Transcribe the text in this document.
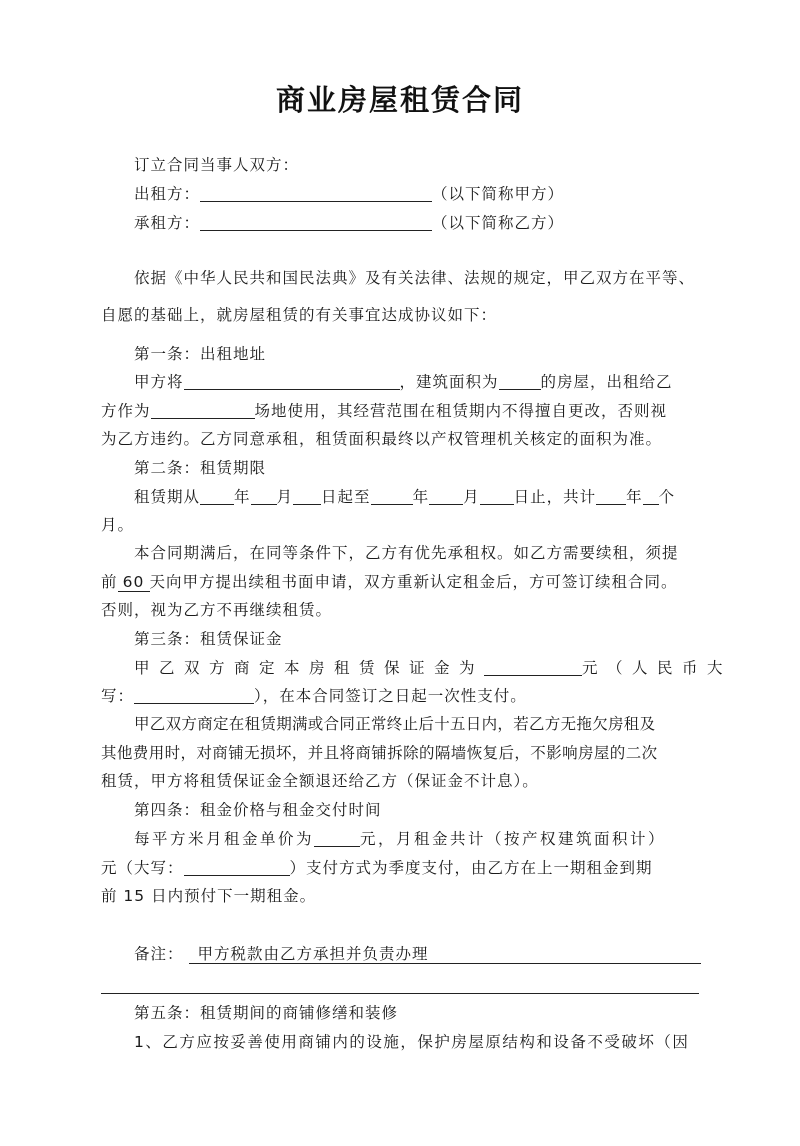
商业房屋租赁合同
订立合同当事人双方：
出租方：	（以下简称甲方）
承租方：	（以下简称乙方）
依据《中华人民共和国民法典》及有关法律、法规的规定，甲乙双方在平等、
自愿的基础上，就房屋租赁的有关事宜达成协议如下：
第一条：出租地址
甲方将	，建筑面积为	的房屋，出租给乙
方作为	场地使用，其经营范围在租赁期内不得擅自更改，否则视
为乙方违约。乙方同意承租，租赁面积最终以产权管理机关核定的面积为准。
第二条：租赁期限
租赁期从 年 月 日起至	年 月 日止，共计 年 个
月。
本合同期满后，在同等条件下，乙方有优先承租权。如乙方需要续租，须提
前 60 天向甲方提出续租书面申请，双方重新认定租金后，方可签订续租合同。
否则，视为乙方不再继续租赁。
第三条：租赁保证金
甲乙双方商定本房租赁保证金为	元（人民币大
写：	），在本合同签订之日起一次性支付。
甲乙双方商定在租赁期满或合同正常终止后十五日内，若乙方无拖欠房租及
其他费用时，对商铺无损坏，并且将商铺拆除的隔墙恢复后，不影响房屋的二次
租赁，甲方将租赁保证金全额退还给乙方（保证金不计息）。
第四条：租金价格与租金交付时间
每平方米月租金单价为	元，月租金共计（按产权建筑面积计）
元（大写：	）支付方式为季度支付，由乙方在上一期租金到期
前 15 日内预付下一期租金。
备注： 甲方税款由乙方承担并负责办理
第五条：租赁期间的商铺修缮和装修
1、乙方应按妥善使用商铺内的设施，保护房屋原结构和设备不受破坏（因
